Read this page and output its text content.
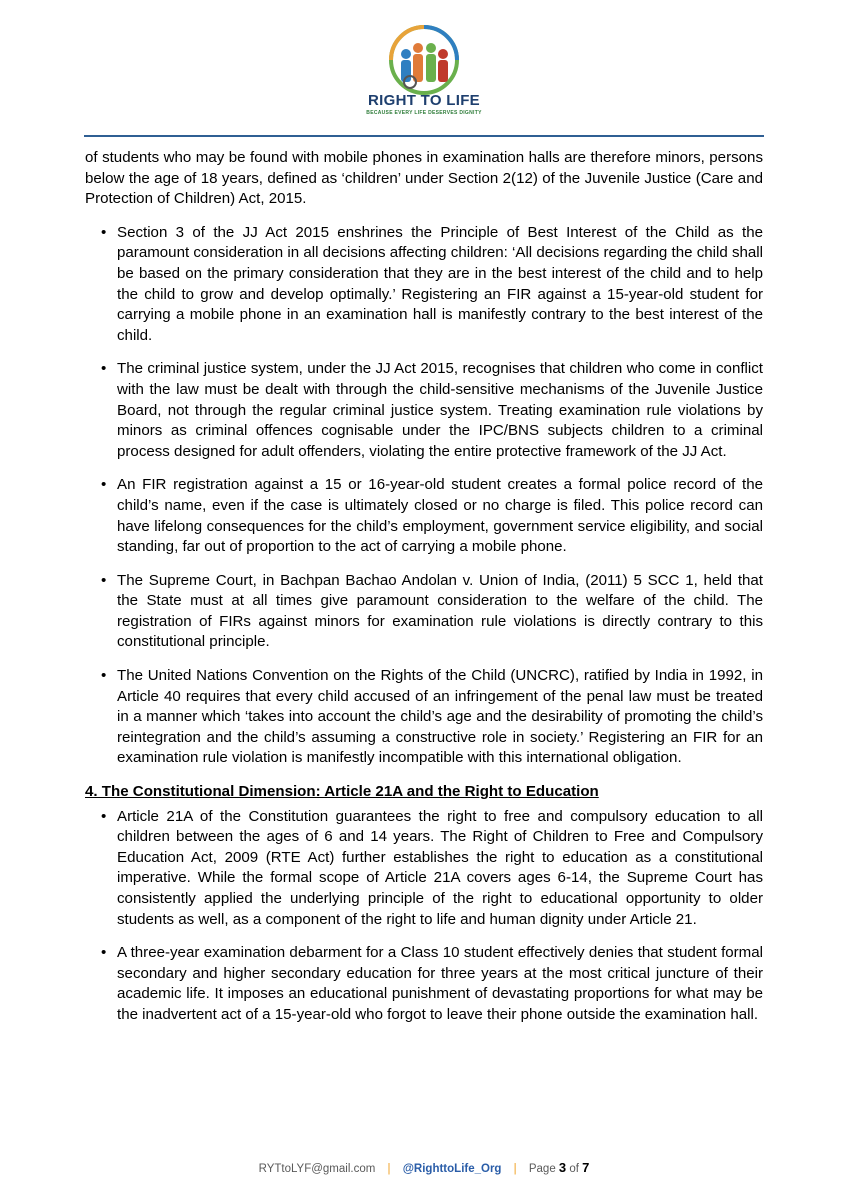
RIGHT TO LIFE
BECAUSE EVERY LIFE DESERVES DIGNITY

of students who may be found with mobile phones in examination halls are therefore minors, persons below the age of 18 years, defined as ‘children’ under Section 2(12) of the Juvenile Justice (Care and Protection of Children) Act, 2015.

• Section 3 of the JJ Act 2015 enshrines the Principle of Best Interest of the Child as the paramount consideration in all decisions affecting children: ‘All decisions regarding the child shall be based on the primary consideration that they are in the best interest of the child and to help the child to grow and develop optimally.’ Registering an FIR against a 15-year-old student for carrying a mobile phone in an examination hall is manifestly contrary to the best interest of the child.
• The criminal justice system, under the JJ Act 2015, recognises that children who come in conflict with the law must be dealt with through the child-sensitive mechanisms of the Juvenile Justice Board, not through the regular criminal justice system. Treating examination rule violations by minors as criminal offences cognisable under the IPC/BNS subjects children to a criminal process designed for adult offenders, violating the entire protective framework of the JJ Act.
• An FIR registration against a 15 or 16-year-old student creates a formal police record of the child’s name, even if the case is ultimately closed or no charge is filed. This police record can have lifelong consequences for the child’s employment, government service eligibility, and social standing, far out of proportion to the act of carrying a mobile phone.
• The Supreme Court, in Bachpan Bachao Andolan v. Union of India, (2011) 5 SCC 1, held that the State must at all times give paramount consideration to the welfare of the child. The registration of FIRs against minors for examination rule violations is directly contrary to this constitutional principle.
• The United Nations Convention on the Rights of the Child (UNCRC), ratified by India in 1992, in Article 40 requires that every child accused of an infringement of the penal law must be treated in a manner which ‘takes into account the child’s age and the desirability of promoting the child’s reintegration and the child’s assuming a constructive role in society.’ Registering an FIR for an examination rule violation is manifestly incompatible with this international obligation.

4. The Constitutional Dimension: Article 21A and the Right to Education

• Article 21A of the Constitution guarantees the right to free and compulsory education to all children between the ages of 6 and 14 years. The Right of Children to Free and Compulsory Education Act, 2009 (RTE Act) further establishes the right to education as a constitutional imperative. While the formal scope of Article 21A covers ages 6-14, the Supreme Court has consistently applied the underlying principle of the right to educational opportunity to older students as well, as a component of the right to life and human dignity under Article 21.
• A three-year examination debarment for a Class 10 student effectively denies that student formal secondary and higher secondary education for three years at the most critical juncture of their academic life. It imposes an educational punishment of devastating proportions for what may be the inadvertent act of a 15-year-old who forgot to leave their phone outside the examination hall.
RYTtoLYF@gmail.com | @RighttoLife_Org | Page 3 of 7
